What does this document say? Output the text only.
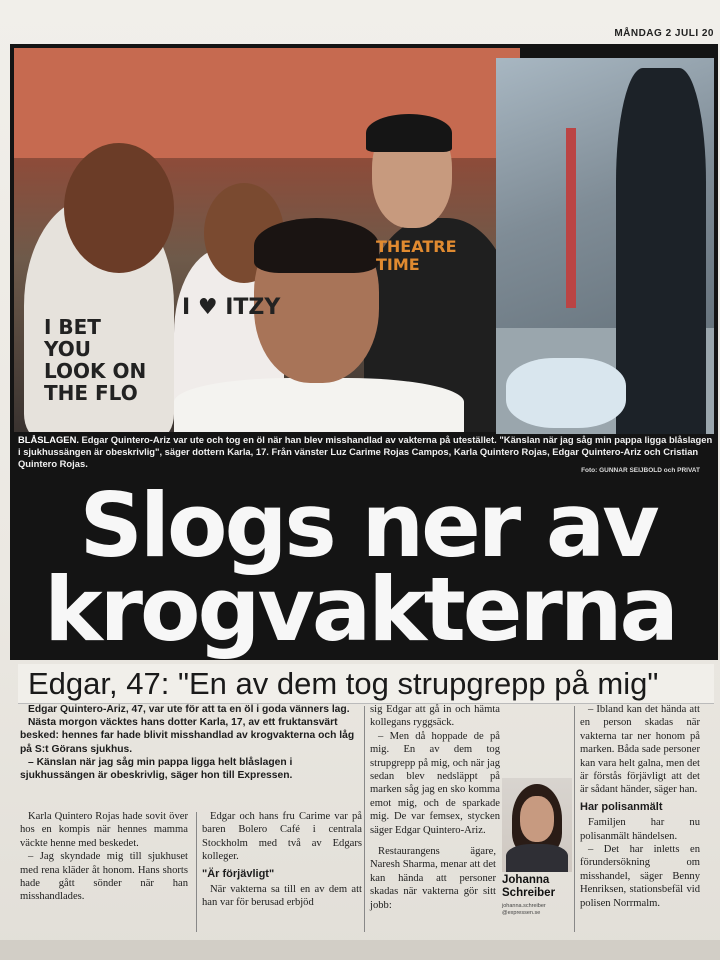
MÅNDAG 2 JULI 20
I BET YOU LOOK ON THE FLO
I ♥ ITZY
THEATRE TIME
BLÅSLAGEN. Edgar Quintero-Ariz var ute och tog en öl när han blev misshandlad av vakterna på utestället. "Känslan när jag såg min pappa ligga blåslagen i sjukhussängen är obeskrivlig", säger dottern Karla, 17. Från vänster Luz Carime Rojas Campos, Karla Quintero Rojas, Edgar Quintero-Ariz och Cristian Quintero Rojas.
Foto: GUNNAR SEIJBOLD och PRIVAT
Slogs ner av
krogvakterna
Edgar, 47: "En av dem tog strupgrepp på mig"

Edgar Quintero-Ariz, 47, var ute för att ta en öl i goda vänners lag.

Nästa morgon väcktes hans dotter Karla, 17, av ett fruktansvärt besked: hennes far hade blivit misshandlad av krogvakterna och låg på S:t Görans sjukhus.

– Känslan när jag såg min pappa ligga helt blåslagen i sjukhussängen är obeskrivlig, säger hon till Expressen.

Karla Quintero Rojas hade sovit över hos en kompis när hennes mamma väckte henne med beskedet.

– Jag skyndade mig till sjukhuset med rena kläder åt honom. Hans shorts hade gått sönder när han misshandlades.

Edgar och hans fru Carime var på baren Bolero Café i centrala Stockholm med två av Edgars kolleger.

"Är förjävligt"

När vakterna sa till en av dem att han var för berusad erbjöd

sig Edgar att gå in och hämta kollegans ryggsäck.

– Men då hoppade de på mig. En av dem tog strupgrepp på mig, och när jag sedan blev nedsläppt på marken såg jag en sko komma emot mig, och de sparkade mig. De var femsex, stycken säger Edgar Quintero-Ariz.

Restaurangens ägare, Naresh Sharma, menar att det kan hända att personer skadas när vakterna gör sitt jobb:

Johanna Schreiber
johanna.schreiber @expressen.se

– Ibland kan det hända att en person skadas när vakterna tar ner honom på marken. Båda sade personer kan vara helt galna, men det är förstås förjävligt att det är sådant händer, säger han.

Har polisanmält

Familjen har nu polisanmält händelsen.

– Det har inletts en förundersökning om misshandel, säger Benny Henriksen, stationsbefäl vid polisen Norrmalm.
